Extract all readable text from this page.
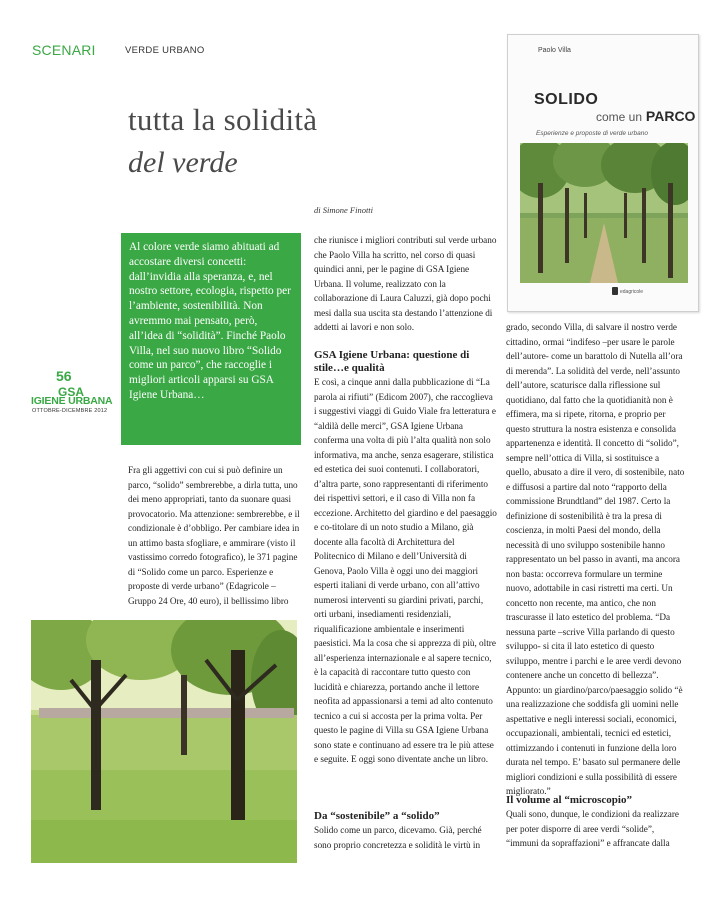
SCENARI	VERDE URBANO
tutta la solidità
del verde
di Simone Finotti
Paolo Villa
SOLIDO
come un PARCO
Esperienze e proposte di verde urbano
edagricole

Al colore verde siamo abituati ad accostare diversi concetti: dall’invidia alla speranza, e, nel nostro settore, ecologia, rispetto per l’ambiente, sostenibilità. Non avremmo mai pensato, però, all’idea di “solidità”. Finché Paolo Villa, nel suo nuovo libro “Solido come un parco”, che raccoglie i migliori articoli apparsi su GSA Igiene Urbana…

56
GSA
IGIENE URBANA
OTTOBRE-DICEMBRE 2012

Fra gli aggettivi con cui si può definire un parco, “solido” sembrerebbe, a dirla tutta, uno dei meno appropriati, tanto da suonare quasi provocatorio. Ma attenzione: sembrerebbe, e il condizionale è d’obbligo. Per cambiare idea in un attimo basta sfogliare, e ammirare (visto il vastissimo corredo fotografico), le 371 pagine di “Solido come un parco. Esperienze e proposte di verde urbano” (Edagricole –Gruppo 24 Ore, 40 euro), il bellissimo libro

che riunisce i migliori contributi sul verde urbano che Paolo Villa ha scritto, nel corso di quasi quindici anni, per le pagine di GSA Igiene Urbana. Il volume, realizzato con la collaborazione di Laura Caluzzi, già dopo pochi mesi dalla sua uscita sta destando l’attenzione di addetti ai lavori e non solo.

GSA Igiene Urbana: questione di stile…e qualità

E così, a cinque anni dalla pubblicazione di “La parola ai rifiuti” (Edicom 2007), che raccoglieva i suggestivi viaggi di Guido Viale fra letteratura e “aldilà delle merci”, GSA Igiene Urbana conferma una volta di più l’alta qualità non solo informativa, ma anche, senza esagerare, stilistica ed estetica dei suoi contenuti. I collaboratori, d’altra parte, sono rappresentanti di riferimento dei rispettivi settori, e il caso di Villa non fa eccezione. Architetto del giardino e del paesaggio e co-titolare di un noto studio a Milano, già docente alla facoltà di Architettura del Politecnico di Milano e dell’Università di Genova, Paolo Villa è oggi uno dei maggiori esperti italiani di verde urbano, con all’attivo numerosi interventi su giardini privati, parchi, orti urbani, insediamenti residenziali, riqualificazione ambientale e inserimenti paesistici. Ma la cosa che si apprezza di più, oltre all’esperienza internazionale e al sapere tecnico, è la capacità di raccontare tutto questo con lucidità e chiarezza, portando anche il lettore neofita ad appassionarsi a temi ad alto contenuto tecnico a cui si accosta per la prima volta. Per questo le pagine di Villa su GSA Igiene Urbana sono state e continuano ad essere tra le più attese e seguite. E oggi sono diventate anche un libro.

Da “sostenibile” a “solido”

Solido come un parco, dicevamo. Già, perché sono proprio concretezza e solidità le virtù in

grado, secondo Villa, di salvare il nostro verde cittadino, ormai “indifeso –per usare le parole dell’autore- come un barattolo di Nutella all’ora di merenda”. La solidità del verde, nell’assunto dell’autore, scaturisce dalla riflessione sul quotidiano, dal fatto che la quotidianità non è effimera, ma si ripete, ritorna, e proprio per questo struttura la nostra esistenza e consolida appartenenza e identità. Il concetto di “solido”, sempre nell’ottica di Villa, si sostituisce a quello, abusato a dire il vero, di sostenibile, nato e diffusosi a partire dal noto “rapporto della commissione Brundtland” del 1987. Certo la definizione di sostenibilità è tra la presa di coscienza, in molti Paesi del mondo, della necessità di uno sviluppo sostenibile hanno rappresentato un bel passo in avanti, ma ancora non basta: occorreva formulare un termine nuovo, adottabile in casi ristretti ma certi. Un concetto non recente, ma antico, che non trascurasse il lato estetico del problema. “Da nessuna parte –scrive Villa parlando di questo sviluppo- si cita il lato estetico di questo sviluppo, mentre i parchi e le aree verdi devono contenere anche un concetto di bellezza”. Appunto: un giardino/parco/paesaggio solido “è una realizzazione che soddisfa gli uomini nelle aspettative e negli interessi sociali, economici, occupazionali, ambientali, tecnici ed estetici, ottimizzando i contenuti in funzione della loro durata nel tempo. E’ basato sul permanere delle migliori condizioni e sulla possibilità di essere migliorato.”

Il volume al “microscopio”

Quali sono, dunque, le condizioni da realizzare per poter disporre di aree verdi “solide”, “immuni da sopraffazioni” e affrancate dalla
